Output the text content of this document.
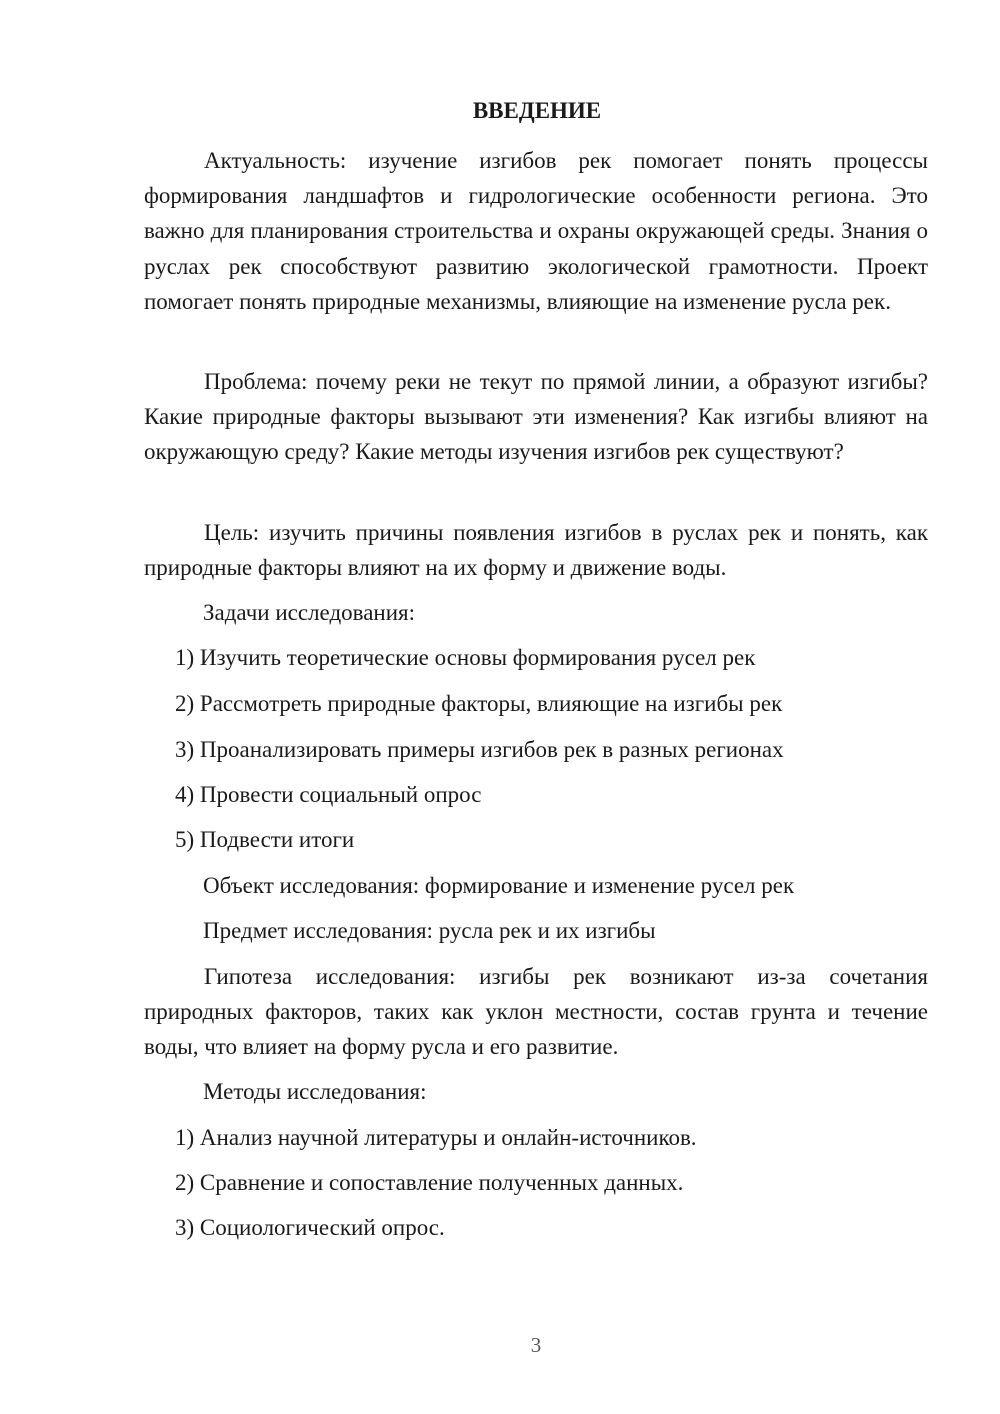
ВВЕДЕНИЕ

Актуальность: изучение изгибов рек помогает понять процессы формирования ландшафтов и гидрологические особенности региона. Это важно для планирования строительства и охраны окружающей среды. Знания о руслах рек способствуют развитию экологической грамотности. Проект помогает понять природные механизмы, влияющие на изменение русла рек.

Проблема: почему реки не текут по прямой линии, а образуют изгибы? Какие природные факторы вызывают эти изменения? Как изгибы влияют на окружающую среду? Какие методы изучения изгибов рек существуют?

Цель: изучить причины появления изгибов в руслах рек и понять, как природные факторы влияют на их форму и движение воды.

Задачи исследования:
1) Изучить теоретические основы формирования русел рек
2) Рассмотреть природные факторы, влияющие на изгибы рек
3) Проанализировать примеры изгибов рек в разных регионах
4) Провести социальный опрос
5) Подвести итоги
Объект исследования: формирование и изменение русел рек
Предмет исследования: русла рек и их изгибы

Гипотеза исследования: изгибы рек возникают из-за сочетания природных факторов, таких как уклон местности, состав грунта и течение воды, что влияет на форму русла и его развитие.

Методы исследования:
1) Анализ научной литературы и онлайн-источников.
2) Сравнение и сопоставление полученных данных.
3) Социологический опрос.
3
